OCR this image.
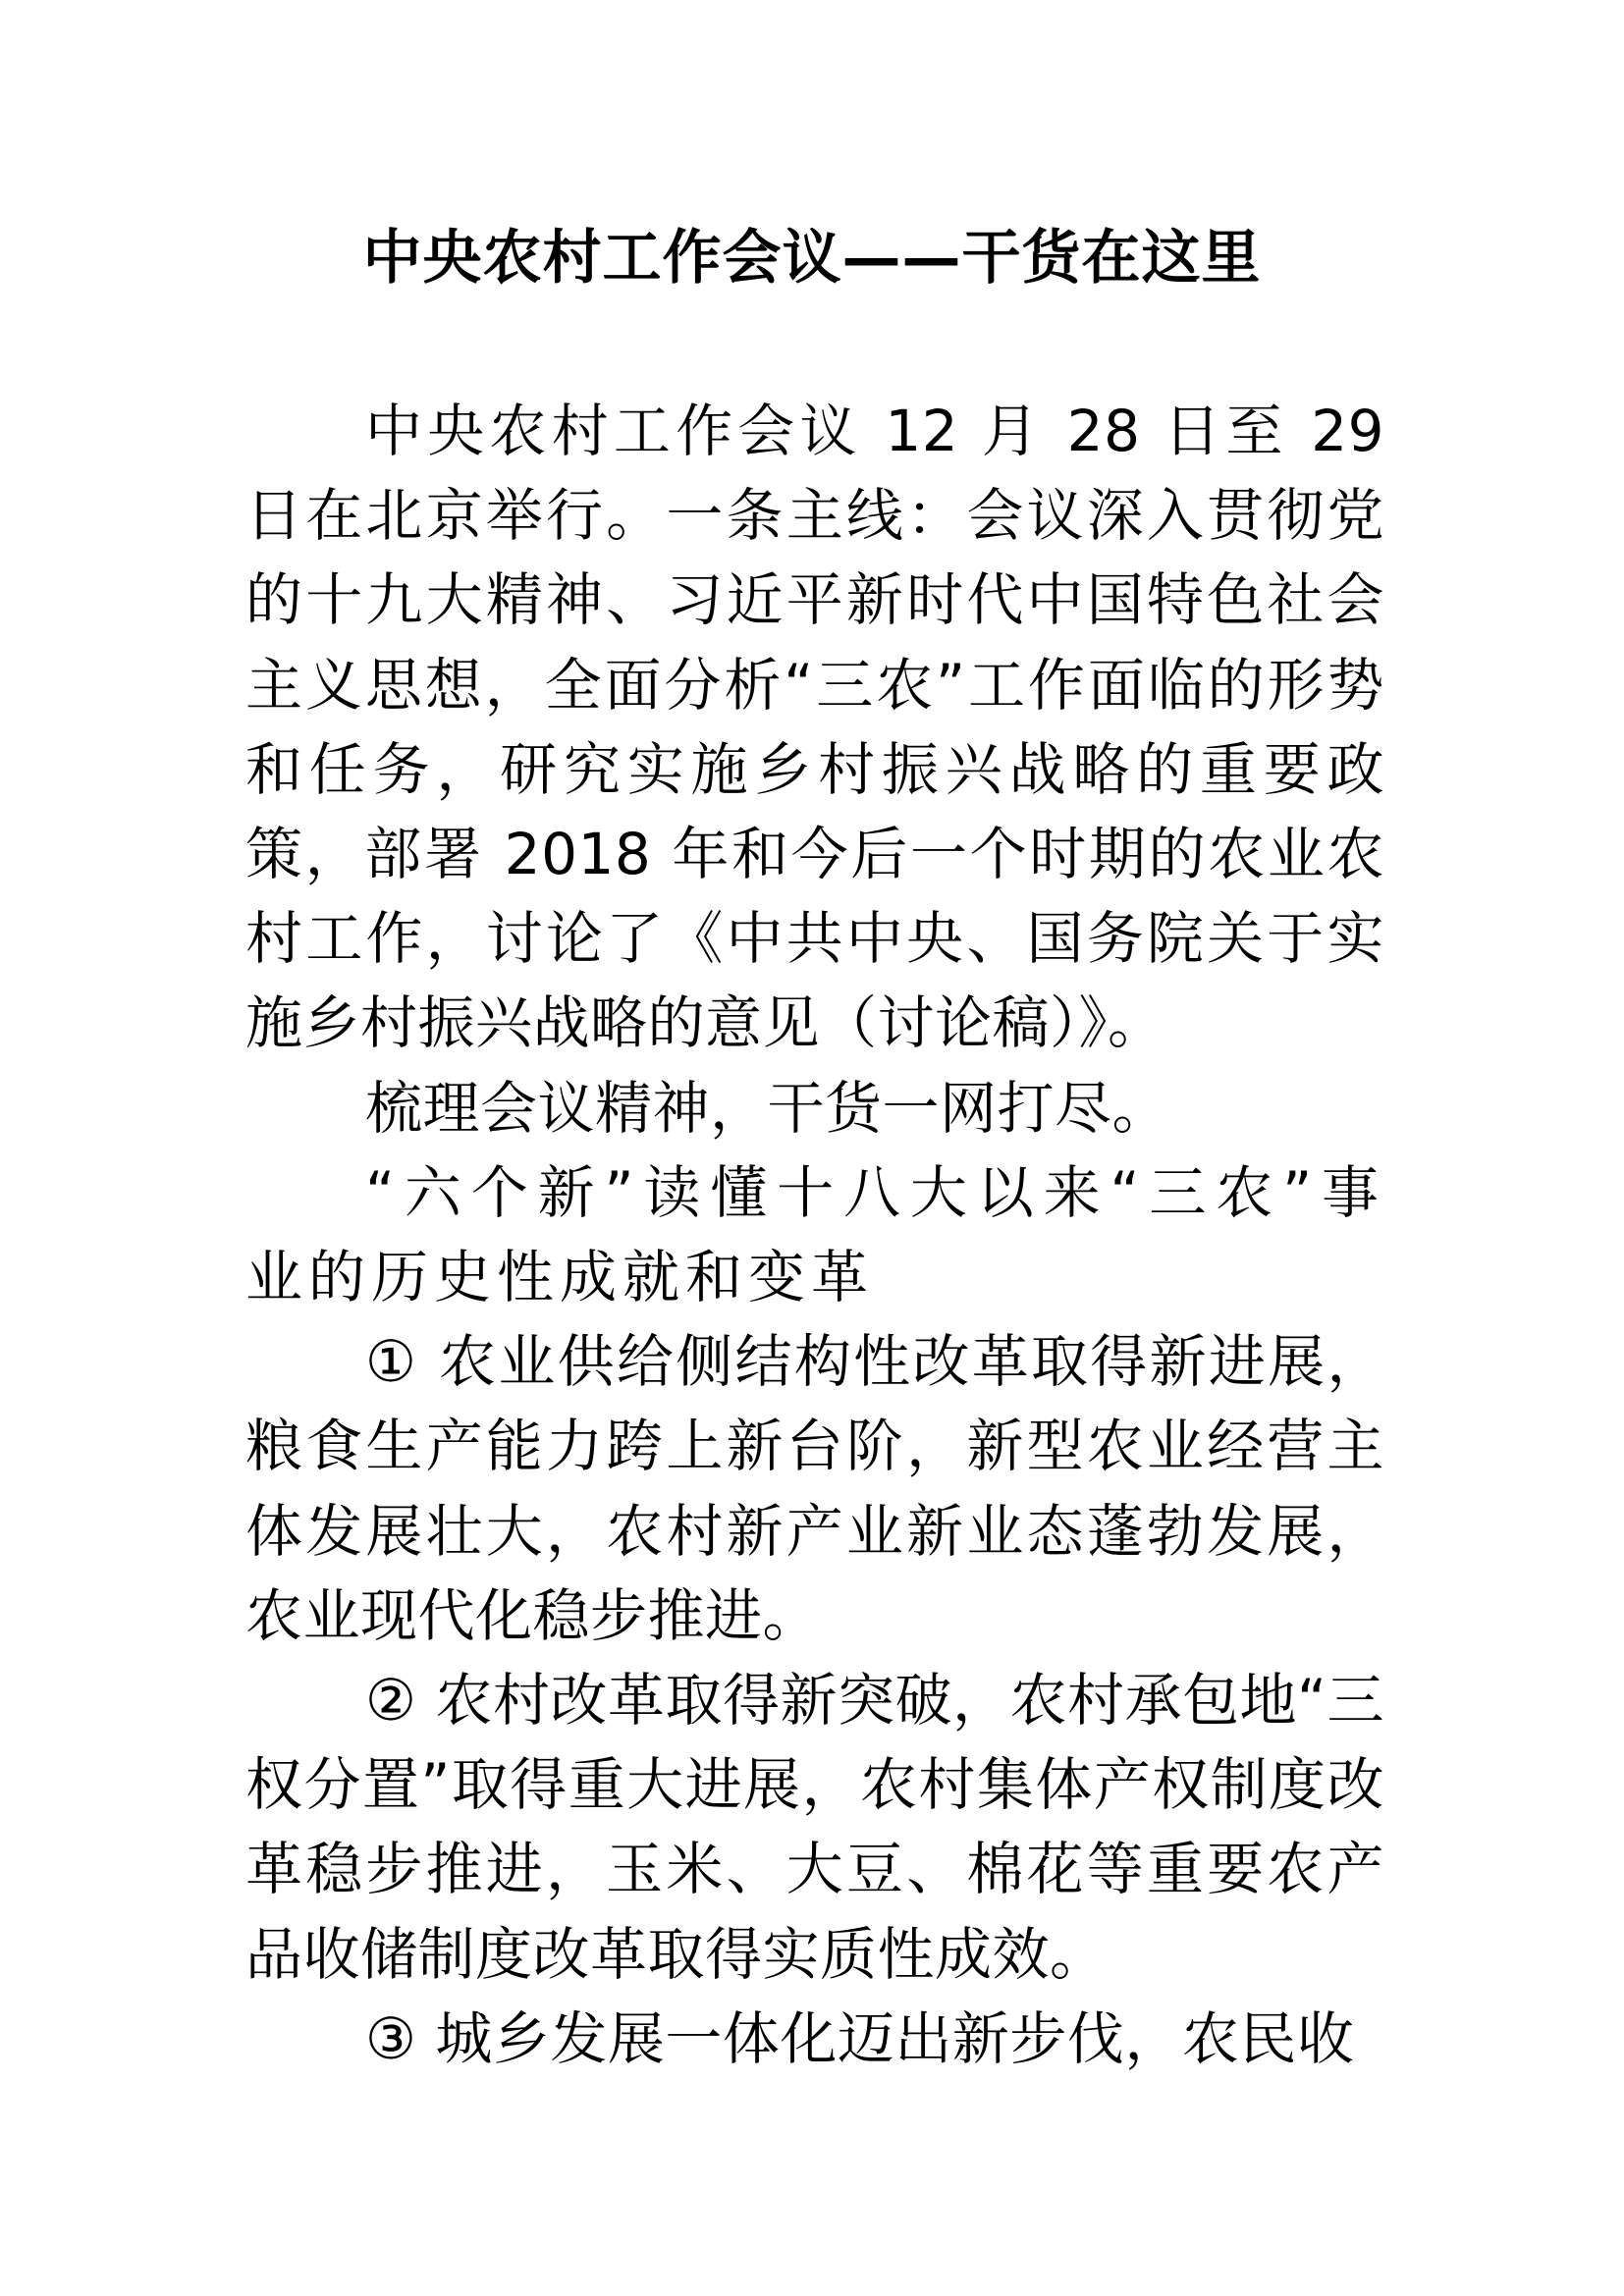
中央农村工作会议——干货在这里

中央农村工作会议 12 月 28 日至 29 日在北京举行。一条主线：会议深入贯彻党的十九大精神、习近平新时代中国特色社会主义思想，全面分析“三农”工作面临的形势和任务，研究实施乡村振兴战略的重要政策，部署 2018 年和今后一个时期的农业农村工作，讨论了《中共中央、国务院关于实施乡村振兴战略的意见（讨论稿）》。

梳理会议精神，干货一网打尽。

“六个新”读懂十八大以来“三农”事业的历史性成就和变革

① 农业供给侧结构性改革取得新进展，粮食生产能力跨上新台阶，新型农业经营主体发展壮大，农村新产业新业态蓬勃发展，农业现代化稳步推进。

② 农村改革取得新突破，农村承包地“三权分置”取得重大进展，农村集体产权制度改革稳步推进，玉米、大豆、棉花等重要农产品收储制度改革取得实质性成效。

③ 城乡发展一体化迈出新步伐，农民收
